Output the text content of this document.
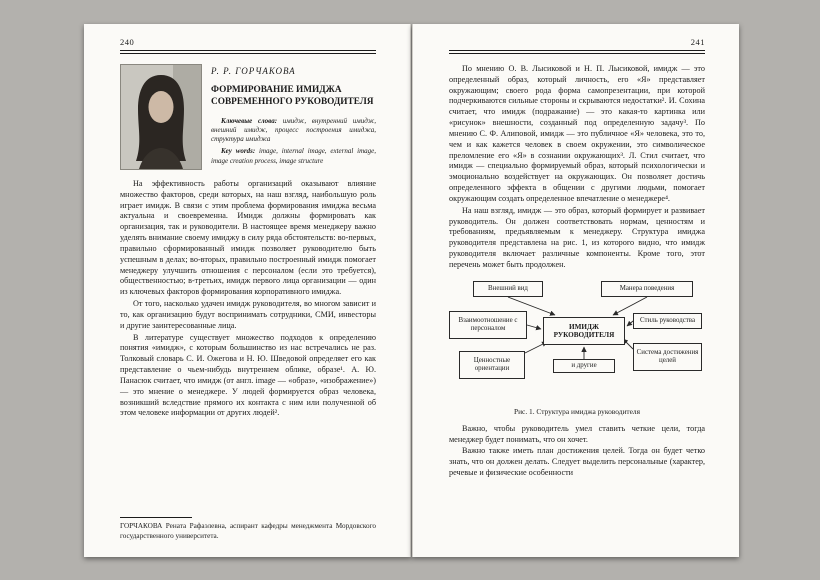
240
Р. Р. ГОРЧАКОВА
ФОРМИРОВАНИЕ ИМИДЖА СОВРЕМЕННОГО РУКОВОДИТЕЛЯ

Ключевые слова: имидж, внутренний имидж, внешний имидж, процесс построения имиджа, структура имиджа

Key words: image, internal image, external image, image creation process, image structure

На эффективность работы организаций оказывают влияние множество факторов, среди которых, на наш взгляд, наибольшую роль играет имидж. В связи с этим проблема формирования имиджа весьма актуальна и своевременна. Имидж должны формировать как организация, так и руководители. В настоящее время менеджеру важно уделять внимание своему имиджу в силу ряда обстоятельств: во-первых, правильно сформированный имидж позволяет руководителю быть успешным в делах; во-вторых, правильно построенный имидж помогает менеджеру улучшить отношения с персоналом (если это требуется), общественностью; в-третьих, имидж первого лица организации — один из ключевых факторов формирования корпоративного имиджа.

От того, насколько удачен имидж руководителя, во многом зависит и то, как организацию будут воспринимать сотрудники, СМИ, инвесторы и другие заинтересованные лица.

В литературе существует множество подходов к определению понятия «имидж», с которым большинство из нас встречались не раз. Толковый словарь С. И. Ожегова и Н. Ю. Шведовой определяет его как представление о чьем-нибудь внутреннем облике, образе¹. А. Ю. Панасюк считает, что имидж (от англ. image — «образ», «изображение») — это мнение о менеджере. У людей формируется образ человека, возникший вследствие прямого их контакта с ним или полученной об этом человеке информации от других людей².

ГОРЧАКОВА Рената Рафаэлевна, аспирант кафедры менеджмента Мордовского государственного университета.

241

По мнению О. В. Лысиковой и Н. П. Лысиковой, имидж — это определенный образ, который личность, его «Я» представляет окружающим; своего рода форма самопрезентации, при которой подчеркиваются сильные стороны и скрываются недостатки². И. Сохина считает, что имидж (подражание) — это какая-то картинка или «рисунок» внешности, созданный под определенную задачу³. По мнению С. Ф. Алиповой, имидж — это публичное «Я» человека, это то, чем и как кажется человек в своем окружении, это символическое преломление его «Я» в сознании окружающих³. Л. Стил считает, что имидж — специально формируемый образ, который психологически и эмоционально воздействует на окружающих. Он позволяет достичь определенного эффекта в общении с другими людьми, помогает окружающим создать определенное впечатление о менеджере⁴.

На наш взгляд, имидж — это образ, который формирует и развивает руководитель. Он должен соответствовать нормам, ценностям и требованиям, предъявляемым к менеджеру. Структура имиджа руководителя представлена на рис. 1, из которого видно, что имидж руководителя включает различные компоненты. Кроме того, этот перечень может быть продолжен.

Внешний вид	Манера поведения
Взаимоотношение с персоналом	ИМИДЖ РУКОВОДИТЕЛЯ
Стиль руководства
Ценностные ориентации
Система достижения целей
и другие

Рис. 1. Структура имиджа руководителя

Важно, чтобы руководитель умел ставить четкие цели, тогда менеджер будет понимать, что он хочет.

Важно также иметь план достижения целей. Тогда он будет четко знать, что он должен делать. Следует выделить персональные (характер, речевые и физические особенности
